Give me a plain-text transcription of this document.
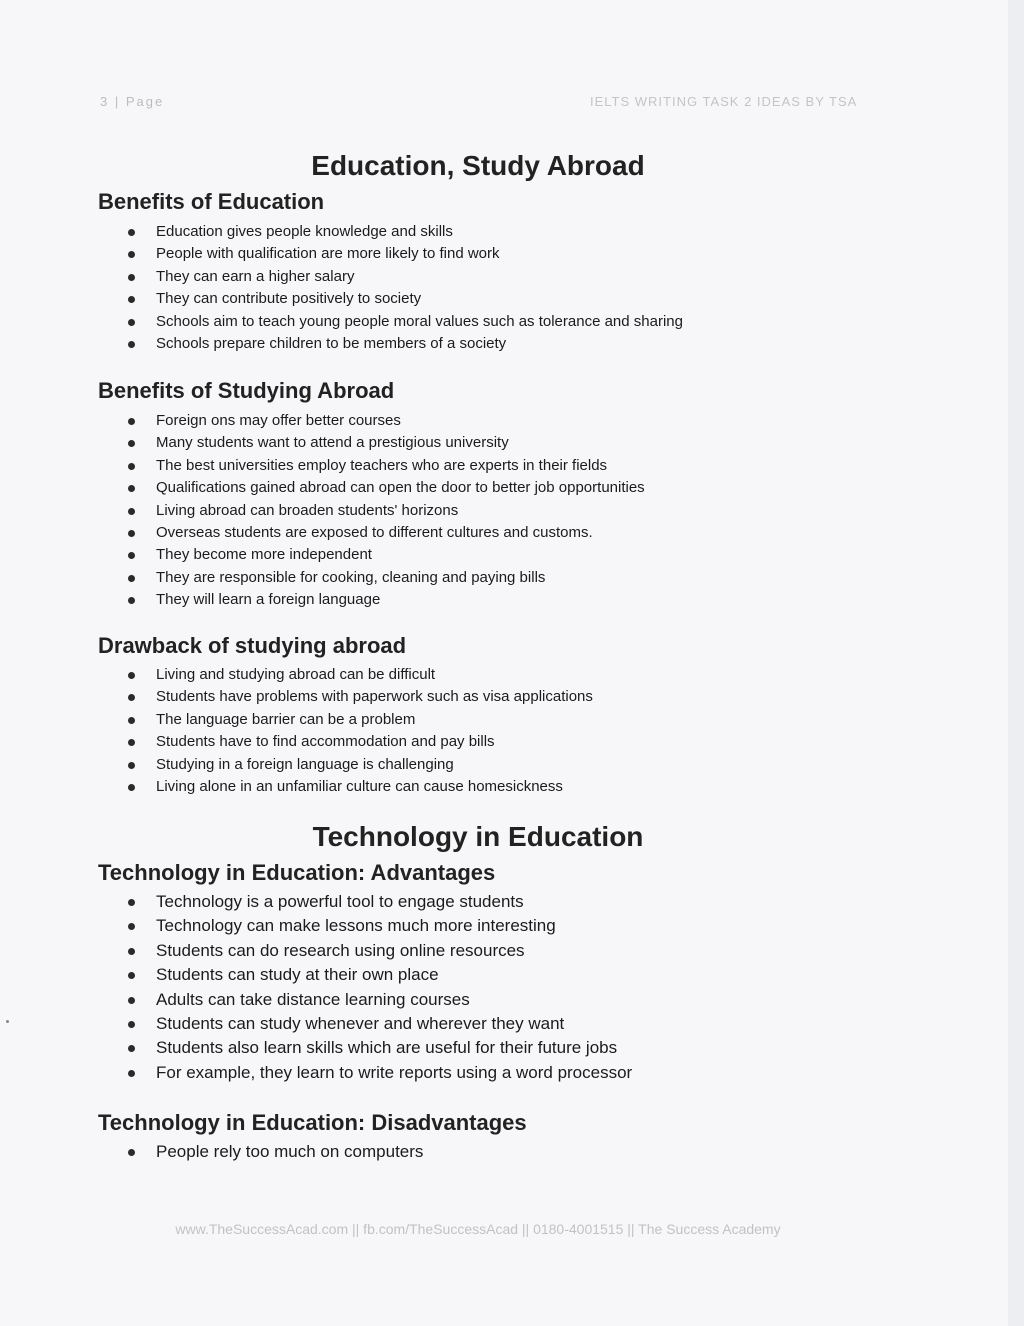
3 | Page	IELTS WRITING TASK 2 IDEAS BY TSA
Education, Study Abroad
Benefits of Education
Education gives people knowledge and skills
People with qualification are more likely to find work
They can earn a higher salary
They can contribute positively to society
Schools aim to teach young people moral values such as tolerance and sharing
Schools prepare children to be members of a society
Benefits of Studying Abroad
Foreign ons may offer better courses
Many students want to attend a prestigious university
The best universities employ teachers who are experts in their fields
Qualifications gained abroad can open the door to better job opportunities
Living abroad can broaden students' horizons
Overseas students are exposed to different cultures and customs.
They become more independent
They are responsible for cooking, cleaning and paying bills
They will learn a foreign language
Drawback of studying abroad
Living and studying abroad can be difficult
Students have problems with paperwork such as visa applications
The language barrier can be a problem
Students have to find accommodation and pay bills
Studying in a foreign language is challenging
Living alone in an unfamiliar culture can cause homesickness
Technology in Education
Technology in Education: Advantages
Technology is a powerful tool to engage students
Technology can make lessons much more interesting
Students can do research using online resources
Students can study at their own place
Adults can take distance learning courses
Students can study whenever and wherever they want
Students also learn skills which are useful for their future jobs
For example, they learn to write reports using a word processor
Technology in Education: Disadvantages
People rely too much on computers
www.TheSuccessAcad.com || fb.com/TheSuccessAcad || 0180-4001515 || The Success Academy
